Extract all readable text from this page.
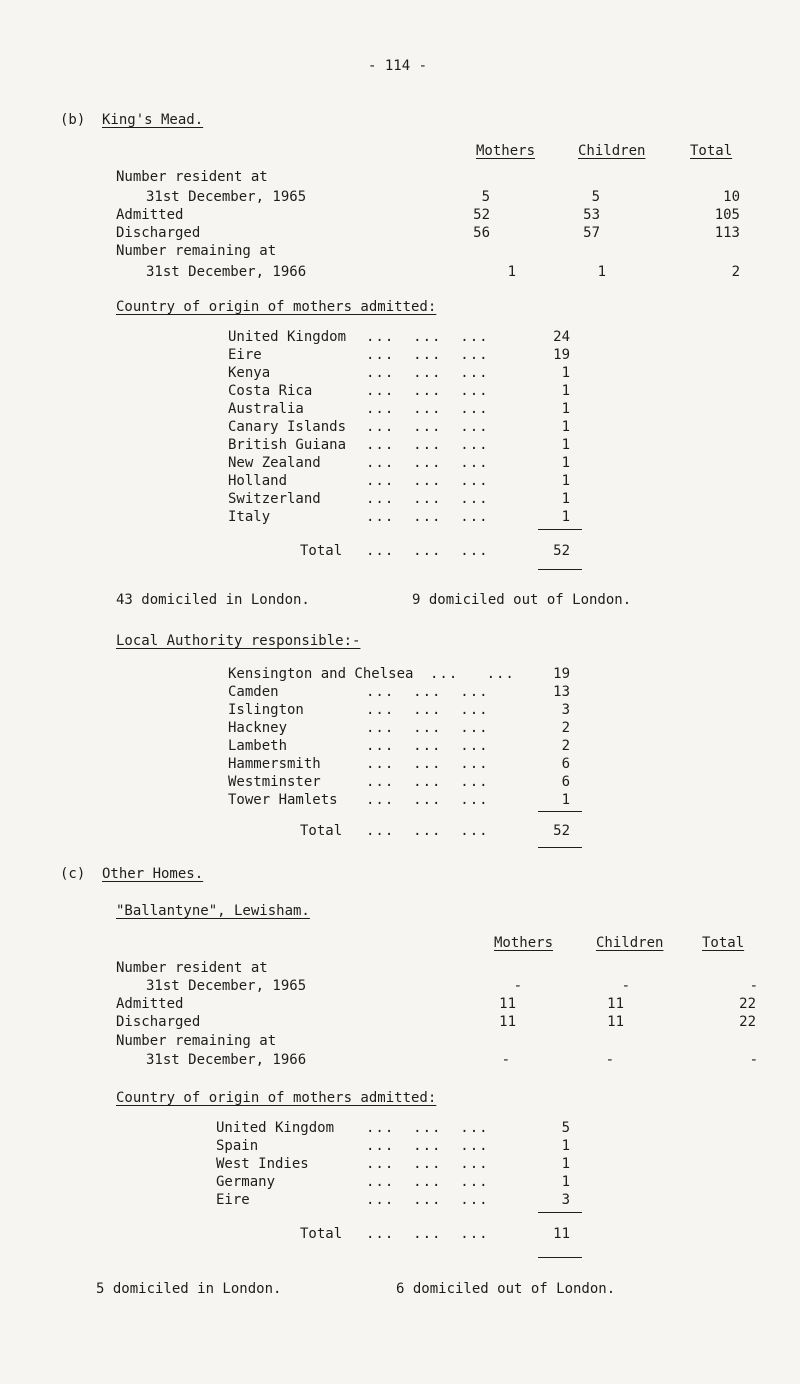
- 114 -
(b) King's Mead.
Mothers	Children	Total
Number resident at
31st December, 1965	5	5	10
Admitted	52	53	105
Discharged	56	57	113
Number remaining at
31st December, 1966	1	1	2
Country of origin of mothers admitted:
United Kingdom ...  ...  ...	24
Eire	...  ...  ...	19
Kenya	...  ...  ...	1
Costa Rica	...  ...  ...	1
Australia	...  ...  ...	1
Canary Islands ...  ...  ...	1
British Guiana ...  ...  ...	1
New Zealand	...  ...  ...	1
Holland	...  ...  ...	1
Switzerland	...  ...  ...	1
Italy	...  ...  ...	1
Total ...  ...  ...	52
43 domiciled in London.	9 domiciled out of London.
Local Authority responsible:-
Kensington and Chelsea ...   ...	19
Camden	...  ...  ...	13
Islington	...  ...  ...	3
Hackney	...  ...  ...	2
Lambeth	...  ...  ...	2
Hammersmith	...  ...  ...	6
Westminster	...  ...  ...	6
Tower Hamlets ...  ...  ...	1
Total ...  ...  ...	52
(c) Other Homes.
"Ballantyne", Lewisham.
Mothers	Children	Total
Number resident at
31st December, 1965	-	-	-
Admitted	11	11	22
Discharged	11	11	22
Number remaining at
31st December, 1966	-	-	-
Country of origin of mothers admitted:
United Kingdom ...  ...  ...	5
Spain	...  ...  ...	1
West Indies	...  ...  ...	1
Germany	...  ...  ...	1
Eire	...  ...  ...	3
Total ...  ...  ...	11
5 domiciled in London.	6 domiciled out of London.
